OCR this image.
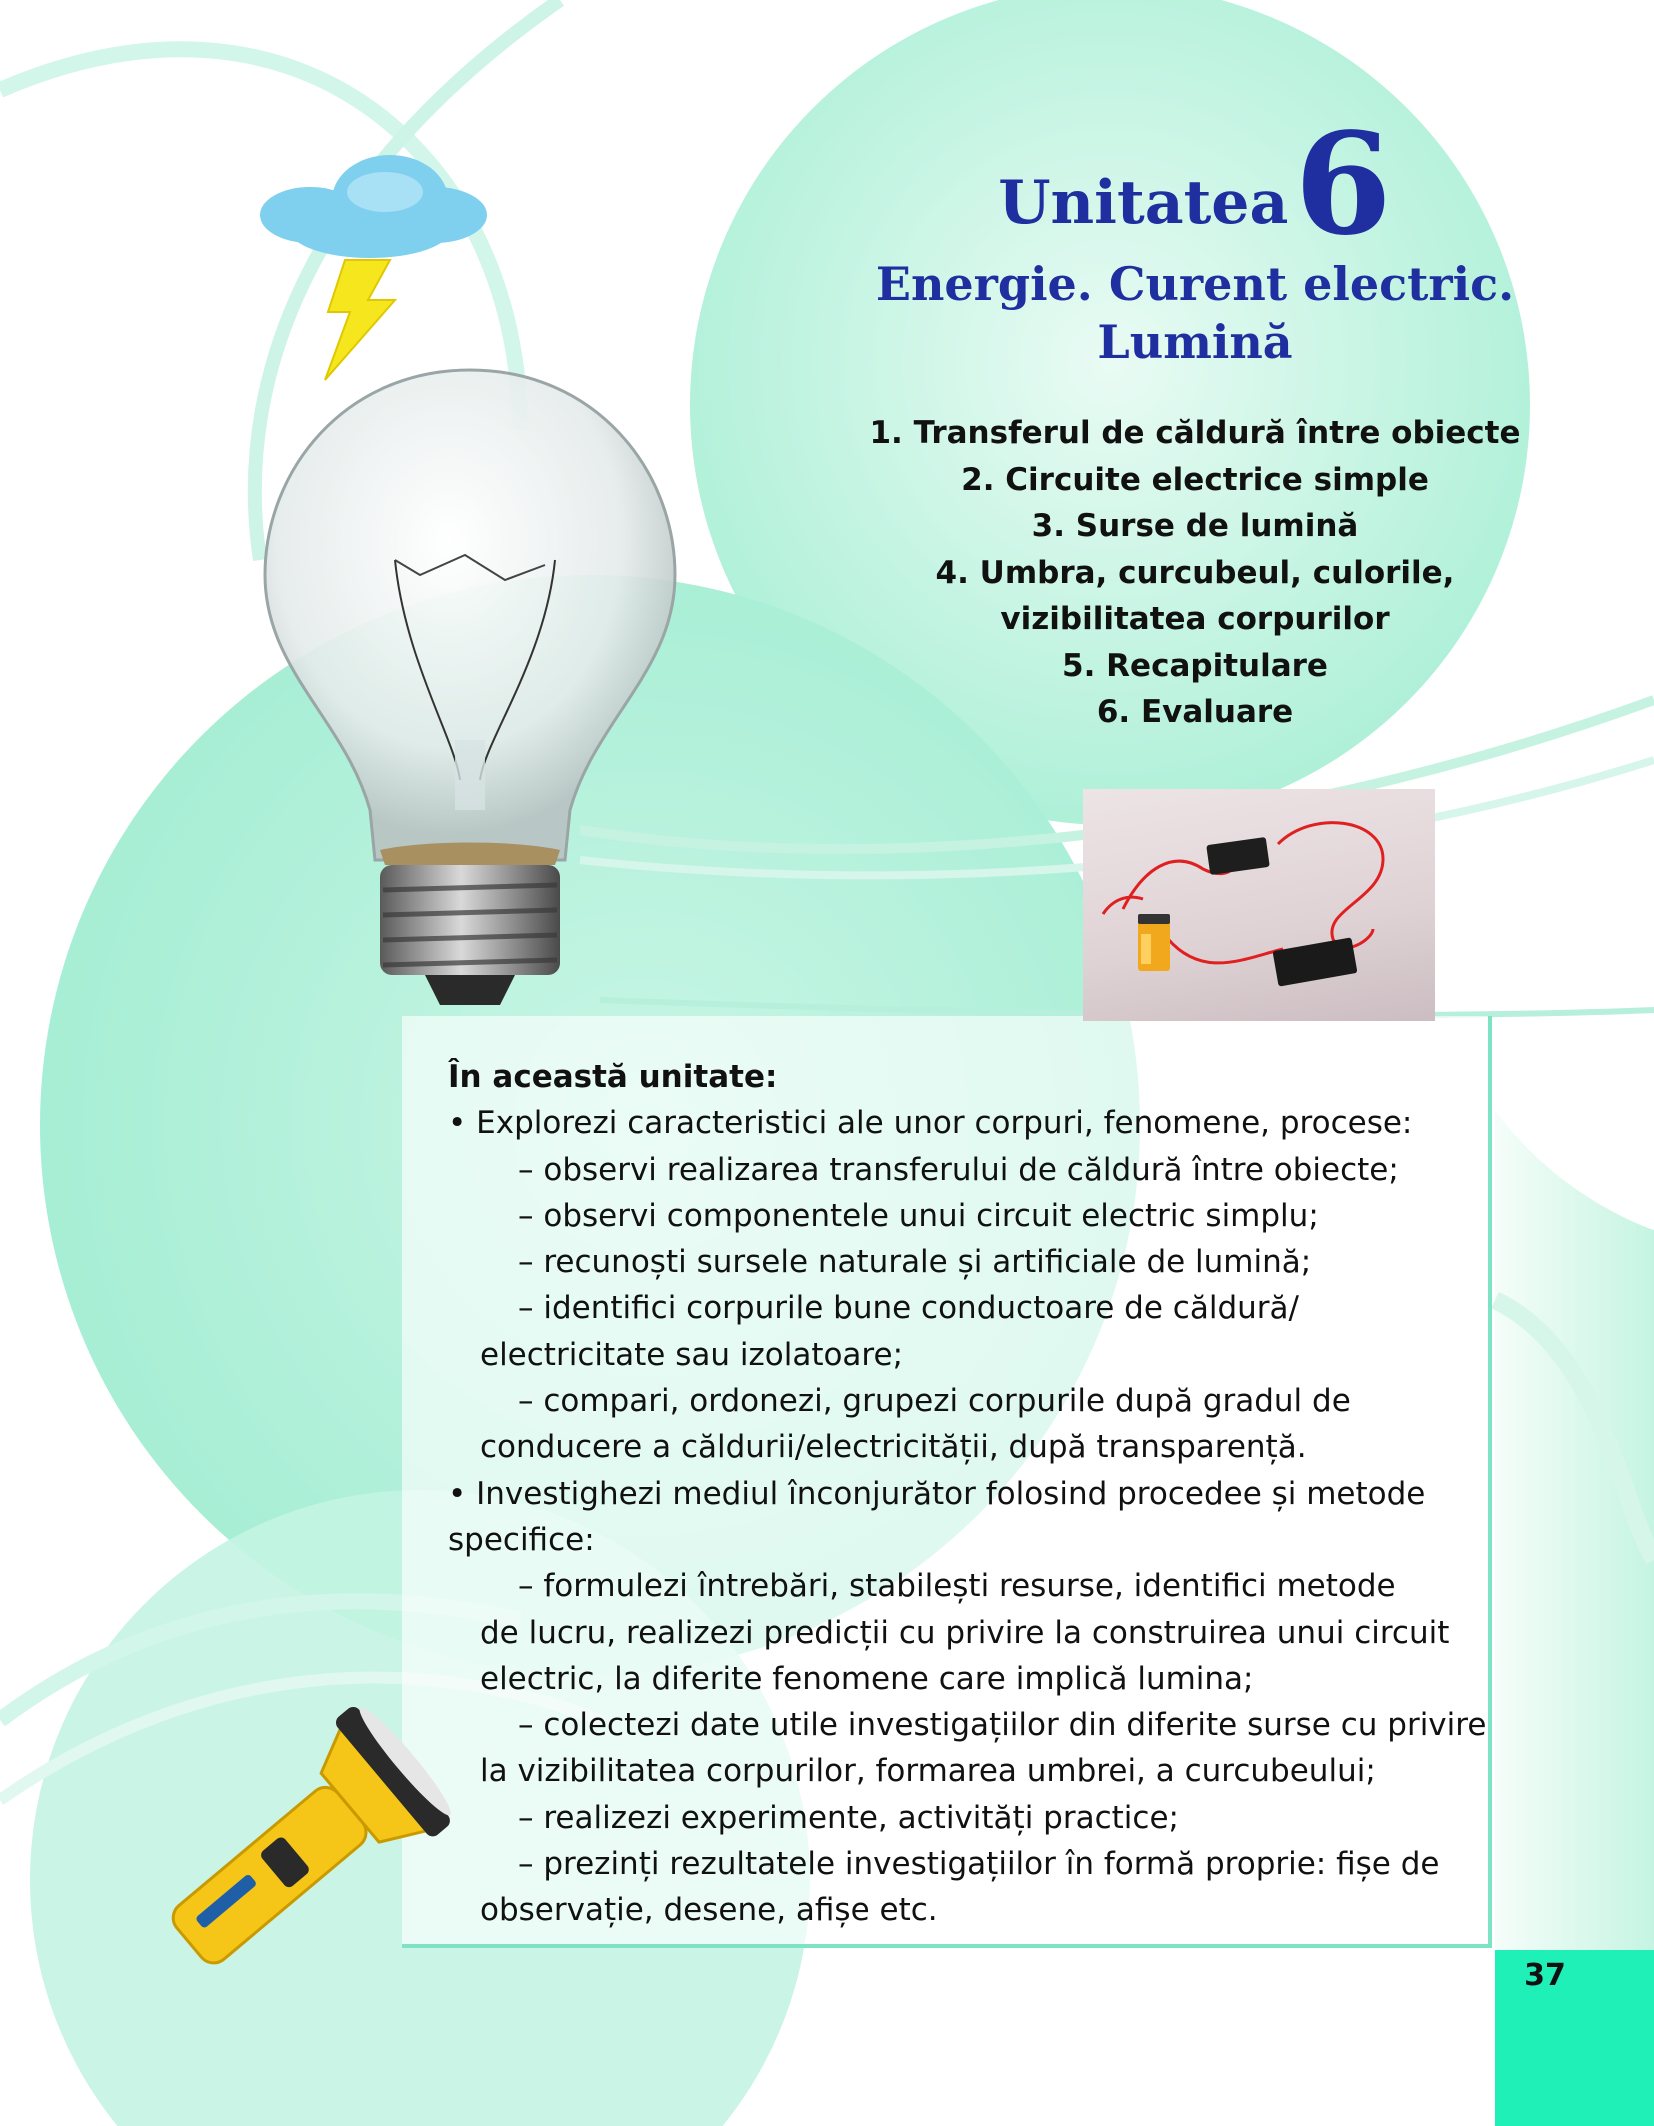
Unitatea6
Energie. Curent electric.
Lumină
1. Transferul de căldură între obiecte
2. Circuite electrice simple
3. Surse de lumină
4. Umbra, curcubeul, culorile,
vizibilitatea corpurilor
5. Recapitulare
6. Evaluare
În această unitate:
• Explorezi caracteristici ale unor corpuri, fenomene, procese:
– observi realizarea transferului de căldură între obiecte;
– observi componentele unui circuit electric simplu;
– recunoști sursele naturale și artificiale de lumină;
– identifici corpurile bune conductoare de căldură/
electricitate sau izolatoare;
– compari, ordonezi, grupezi corpurile după gradul de
conducere a căldurii/electricității, după transparență.
• Investighezi mediul înconjurător folosind procedee și metode
specifice:
– formulezi întrebări, stabilești resurse, identifici metode
de lucru, realizezi predicții cu privire la construirea unui circuit
electric, la diferite fenomene care implică lumina;
– colectezi date utile investigațiilor din diferite surse cu privire
la vizibilitatea corpurilor, formarea umbrei, a curcubeului;
– realizezi experimente, activități practice;
– prezinți rezultatele investigațiilor în formă proprie: fișe de
observație, desene, afișe etc.
37
